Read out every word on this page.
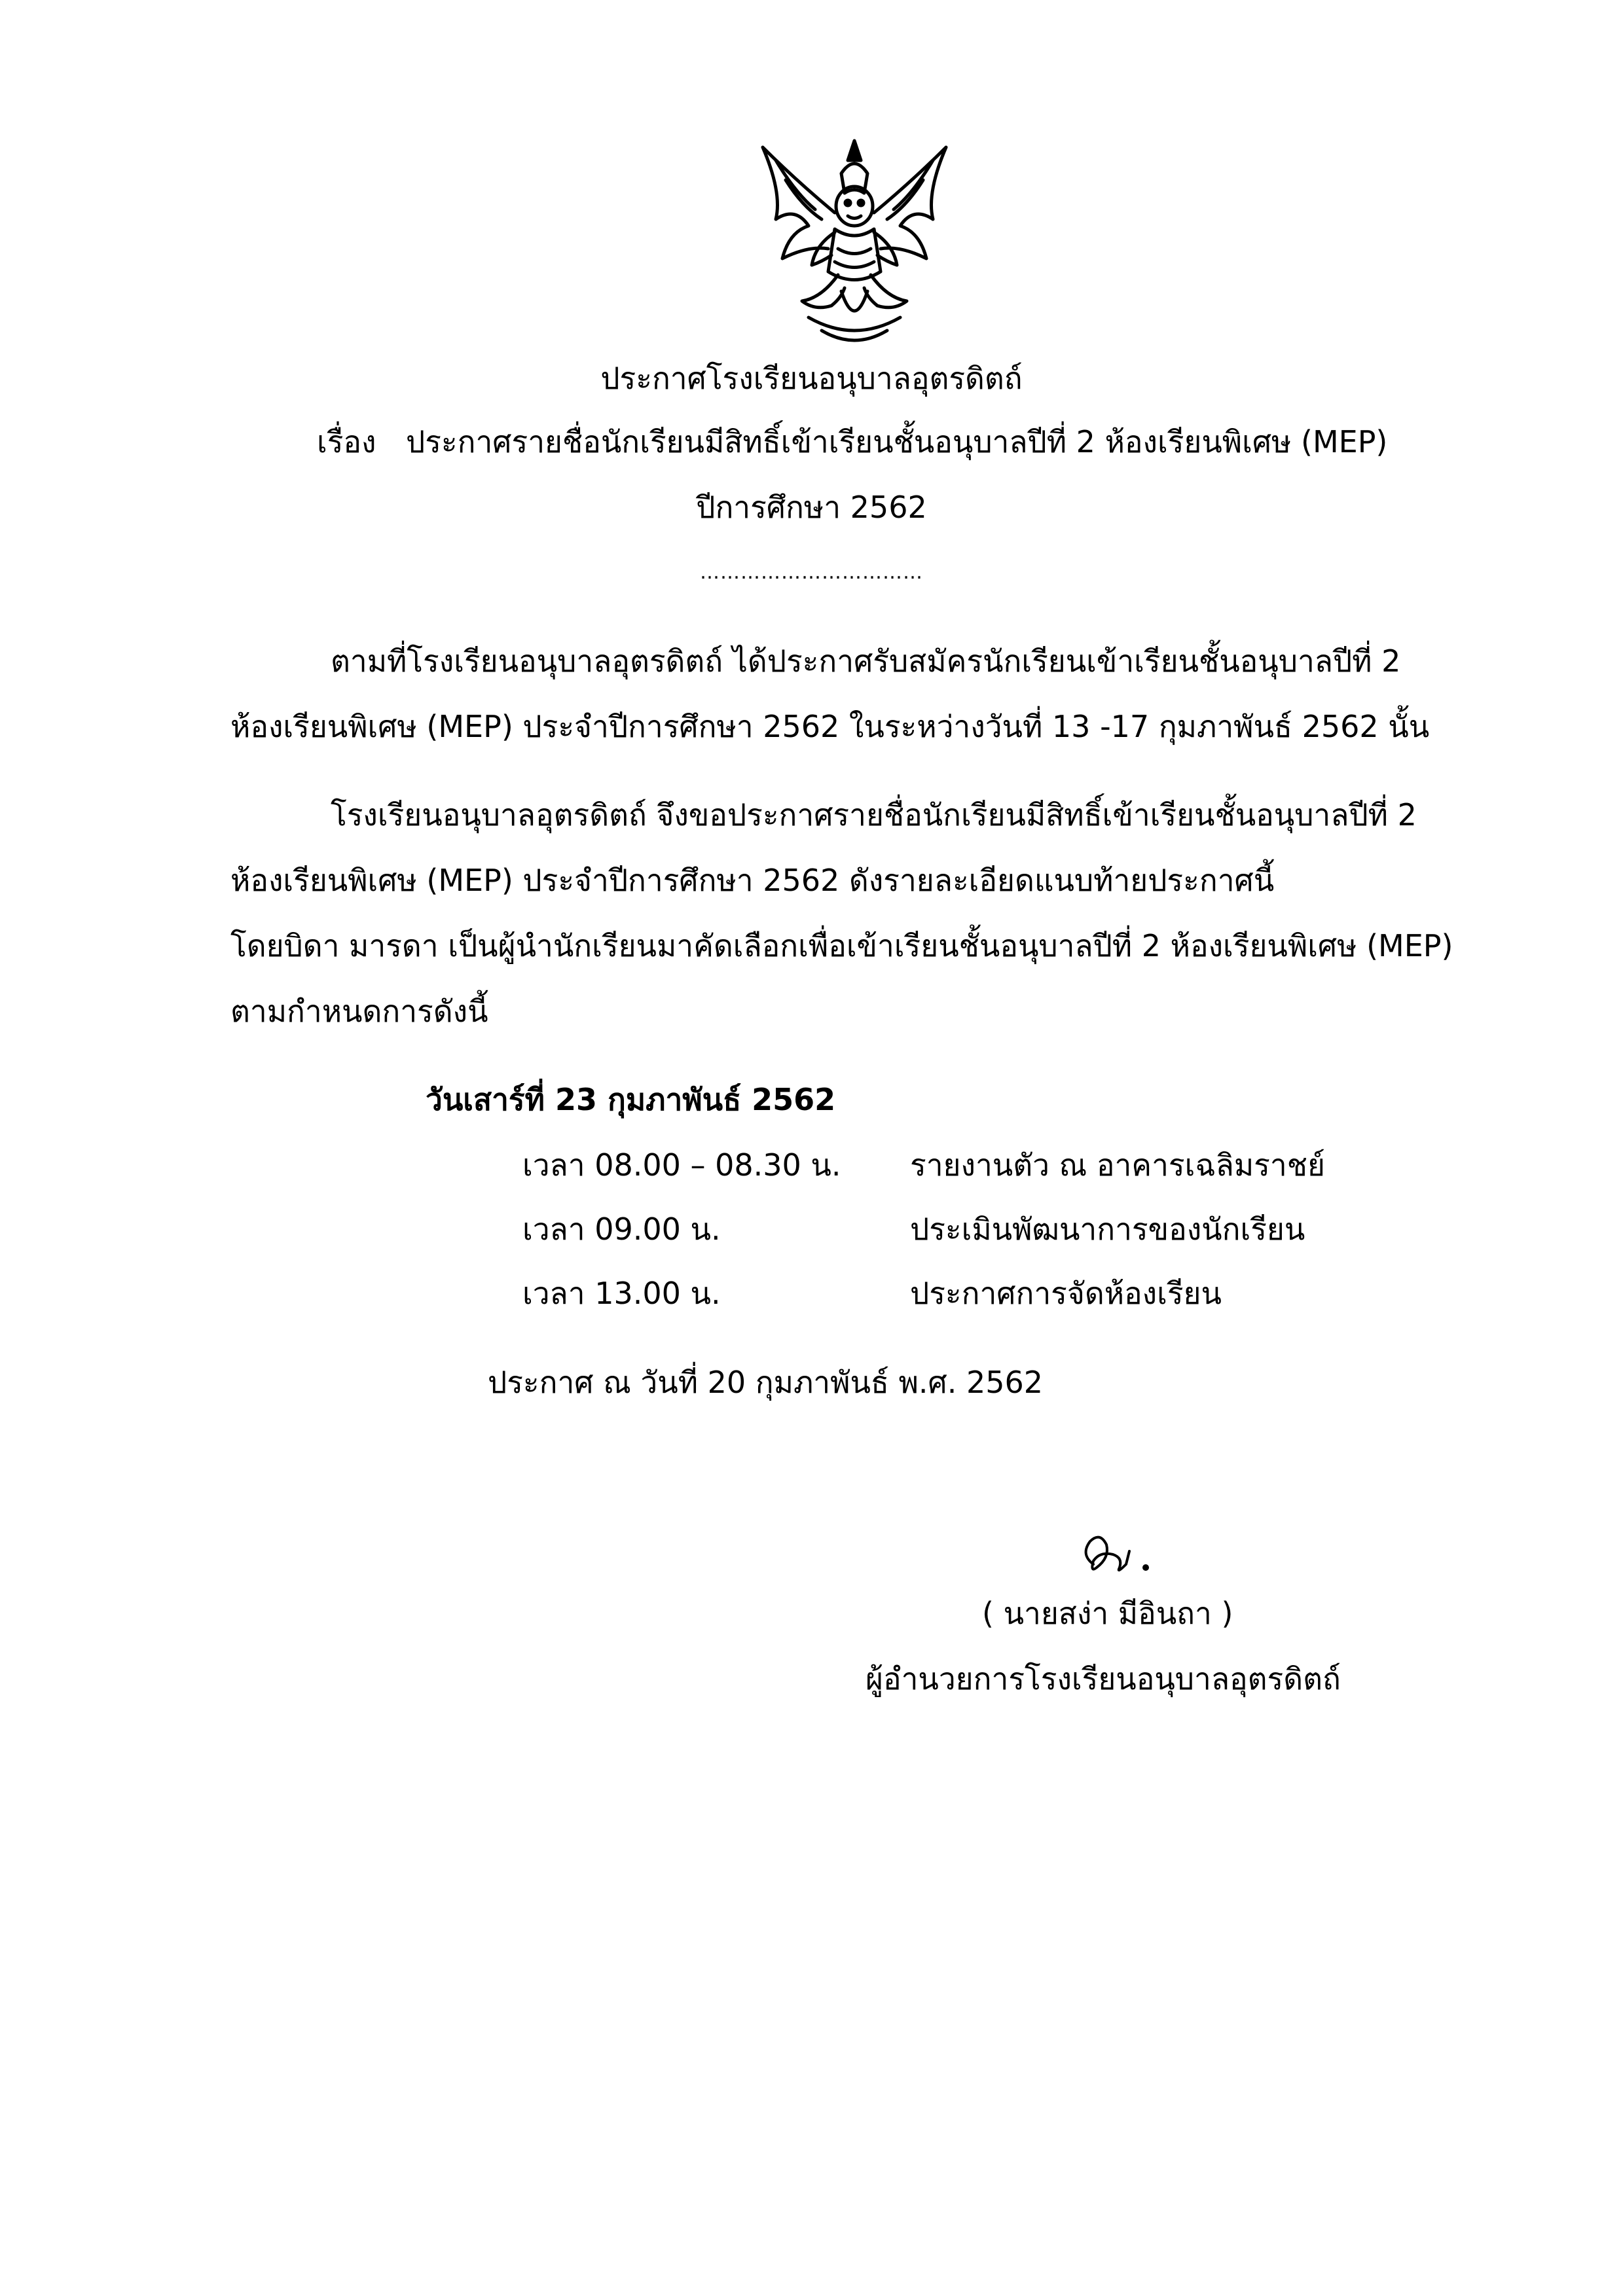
ประกาศโรงเรียนอนุบาลอุตรดิตถ์
เรื่อง ประกาศรายชื่อนักเรียนมีสิทธิ์เข้าเรียนชั้นอนุบาลปีที่ 2 ห้องเรียนพิเศษ (MEP)
ปีการศึกษา 2562
……………………………
ตามที่โรงเรียนอนุบาลอุตรดิตถ์ ได้ประกาศรับสมัครนักเรียนเข้าเรียนชั้นอนุบาลปีที่ 2
ห้องเรียนพิเศษ (MEP) ประจำปีการศึกษา 2562 ในระหว่างวันที่ 13 -17 กุมภาพันธ์ 2562 นั้น
โรงเรียนอนุบาลอุตรดิตถ์ จึงขอประกาศรายชื่อนักเรียนมีสิทธิ์เข้าเรียนชั้นอนุบาลปีที่ 2
ห้องเรียนพิเศษ (MEP) ประจำปีการศึกษา 2562 ดังรายละเอียดแนบท้ายประกาศนี้
โดยบิดา มารดา เป็นผู้นำนักเรียนมาคัดเลือกเพื่อเข้าเรียนชั้นอนุบาลปีที่ 2 ห้องเรียนพิเศษ (MEP)
ตามกำหนดการดังนี้
วันเสาร์ที่ 23 กุมภาพันธ์ 2562
เวลา 08.00 – 08.30 น. รายงานตัว ณ อาคารเฉลิมราชย์
เวลา 09.00 น.	ประเมินพัฒนาการของนักเรียน
เวลา 13.00 น.	ประกาศการจัดห้องเรียน
ประกาศ ณ วันที่ 20 กุมภาพันธ์ พ.ศ. 2562
( นายสง่า มีอินถา )
ผู้อำนวยการโรงเรียนอนุบาลอุตรดิตถ์
